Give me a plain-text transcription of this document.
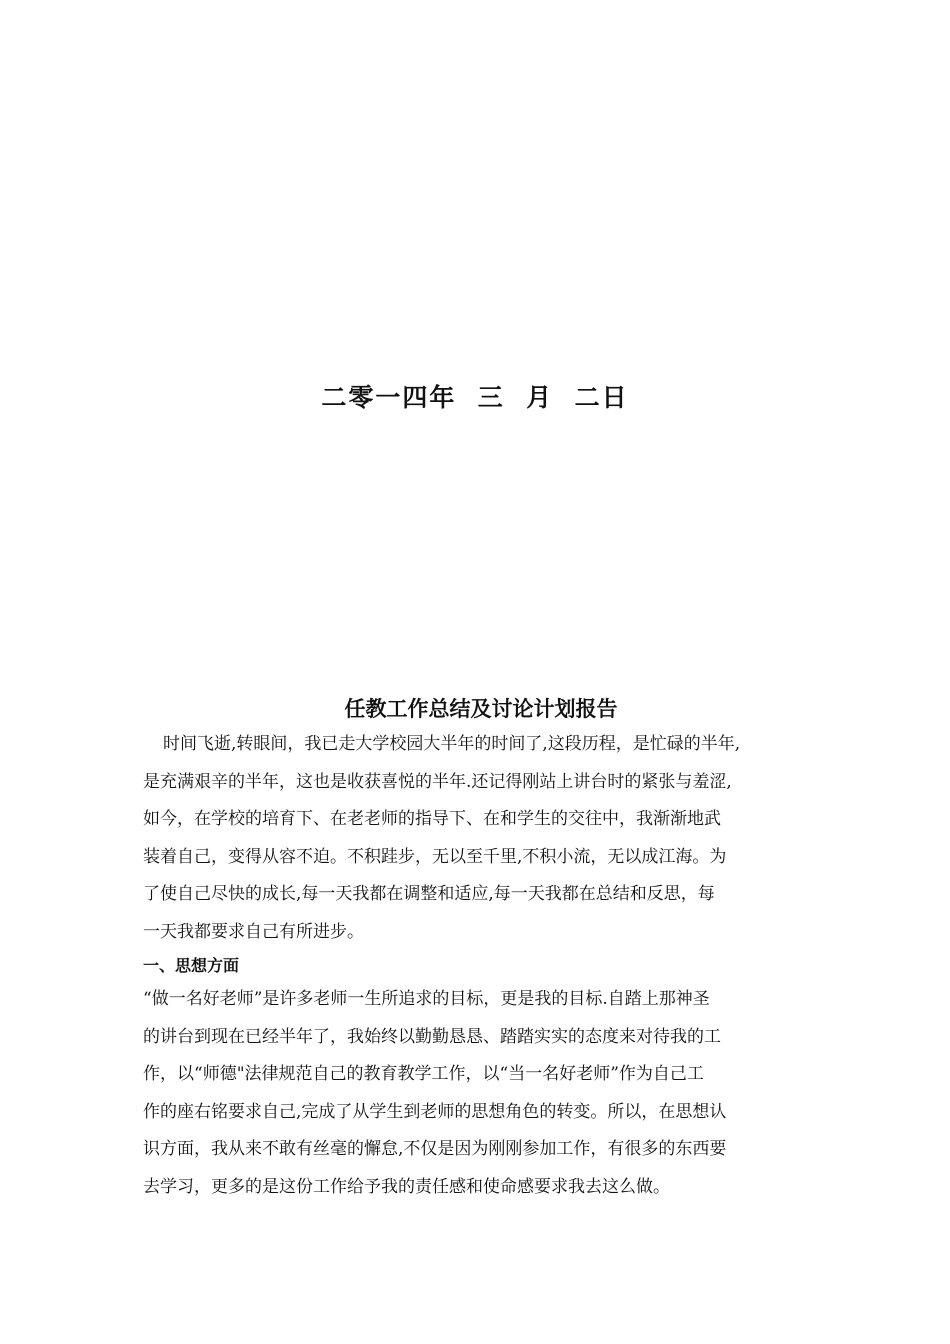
二零一四年  三  月  二日
任教工作总结及讨论计划报告

时间飞逝,转眼间，我已走大学校园大半年的时间了,这段历程，是忙碌的半年,
是充满艰辛的半年，这也是收获喜悦的半年.还记得刚站上讲台时的紧张与羞涩,
如今，在学校的培育下、在老老师的指导下、在和学生的交往中，我渐渐地武
装着自己，变得从容不迫。不积跬步，无以至千里,不积小流，无以成江海。为
了使自己尽快的成长,每一天我都在调整和适应,每一天我都在总结和反思，每
一天我都要求自己有所进步。

一、思想方面

“做一名好老师”是许多老师一生所追求的目标，更是我的目标.自踏上那神圣
的讲台到现在已经半年了，我始终以勤勤恳恳、踏踏实实的态度来对待我的工
作，以“师德"法律规范自己的教育教学工作，以“当一名好老师”作为自己工
作的座右铭要求自己,完成了从学生到老师的思想角色的转变。所以，在思想认
识方面，我从来不敢有丝毫的懈怠,不仅是因为刚刚参加工作，有很多的东西要
去学习，更多的是这份工作给予我的责任感和使命感要求我去这么做。
